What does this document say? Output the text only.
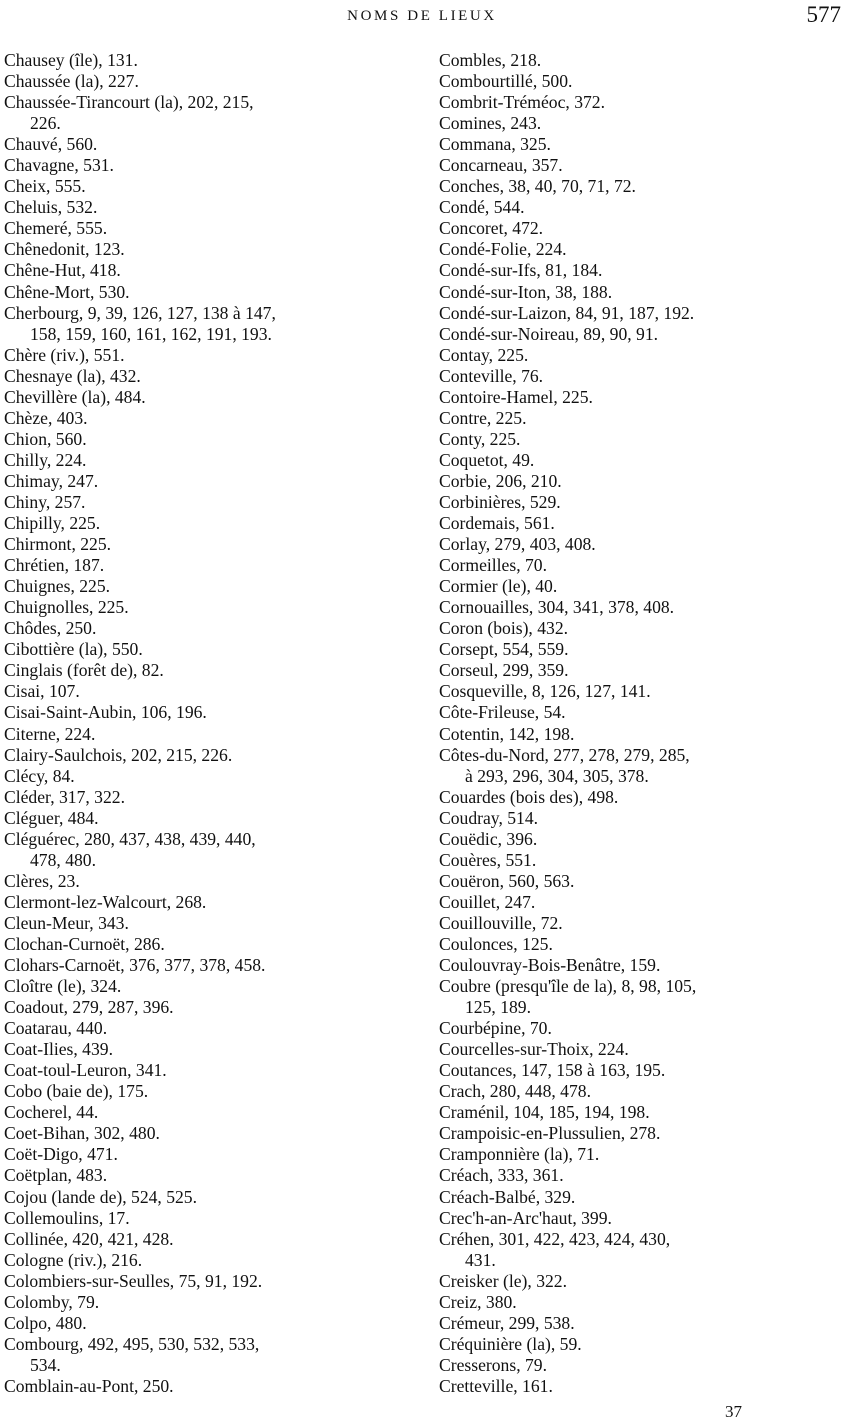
NOMS DE LIEUX	577
Chausey (île), 131.
Chaussée (la), 227.
Chaussée-Tirancourt (la), 202, 215,
226.
Chauvé, 560.
Chavagne, 531.
Cheix, 555.
Cheluis, 532.
Chemeré, 555.
Chênedonit, 123.
Chêne-Hut, 418.
Chêne-Mort, 530.
Cherbourg, 9, 39, 126, 127, 138 à 147,
158, 159, 160, 161, 162, 191, 193.
Chère (riv.), 551.
Chesnaye (la), 432.
Chevillère (la), 484.
Chèze, 403.
Chion, 560.
Chilly, 224.
Chimay, 247.
Chiny, 257.
Chipilly, 225.
Chirmont, 225.
Chrétien, 187.
Chuignes, 225.
Chuignolles, 225.
Chôdes, 250.
Cibottière (la), 550.
Cinglais (forêt de), 82.
Cisai, 107.
Cisai-Saint-Aubin, 106, 196.
Citerne, 224.
Clairy-Saulchois, 202, 215, 226.
Clécy, 84.
Cléder, 317, 322.
Cléguer, 484.
Cléguérec, 280, 437, 438, 439, 440,
478, 480.
Clères, 23.
Clermont-lez-Walcourt, 268.
Cleun-Meur, 343.
Clochan-Curnoët, 286.
Clohars-Carnoët, 376, 377, 378, 458.
Cloître (le), 324.
Coadout, 279, 287, 396.
Coatarau, 440.
Coat-Ilies, 439.
Coat-toul-Leuron, 341.
Cobo (baie de), 175.
Cocherel, 44.
Coet-Bihan, 302, 480.
Coët-Digo, 471.
Coëtplan, 483.
Cojou (lande de), 524, 525.
Collemoulins, 17.
Collinée, 420, 421, 428.
Cologne (riv.), 216.
Colombiers-sur-Seulles, 75, 91, 192.
Colomby, 79.
Colpo, 480.
Combourg, 492, 495, 530, 532, 533,
534.
Comblain-au-Pont, 250.
Combles, 218.
Combourtillé, 500.
Combrit-Tréméoc, 372.
Comines, 243.
Commana, 325.
Concarneau, 357.
Conches, 38, 40, 70, 71, 72.
Condé, 544.
Concoret, 472.
Condé-Folie, 224.
Condé-sur-Ifs, 81, 184.
Condé-sur-Iton, 38, 188.
Condé-sur-Laizon, 84, 91, 187, 192.
Condé-sur-Noireau, 89, 90, 91.
Contay, 225.
Conteville, 76.
Contoire-Hamel, 225.
Contre, 225.
Conty, 225.
Coquetot, 49.
Corbie, 206, 210.
Corbinières, 529.
Cordemais, 561.
Corlay, 279, 403, 408.
Cormeilles, 70.
Cormier (le), 40.
Cornouailles, 304, 341, 378, 408.
Coron (bois), 432.
Corsept, 554, 559.
Corseul, 299, 359.
Cosqueville, 8, 126, 127, 141.
Côte-Frileuse, 54.
Cotentin, 142, 198.
Côtes-du-Nord, 277, 278, 279, 285,
à 293, 296, 304, 305, 378.
Couardes (bois des), 498.
Coudray, 514.
Couëdic, 396.
Couères, 551.
Couëron, 560, 563.
Couillet, 247.
Couillouville, 72.
Coulonces, 125.
Coulouvray-Bois-Benâtre, 159.
Coubre (presqu'île de la), 8, 98, 105,
125, 189.
Courbépine, 70.
Courcelles-sur-Thoix, 224.
Coutances, 147, 158 à 163, 195.
Crach, 280, 448, 478.
Craménil, 104, 185, 194, 198.
Crampoisic-en-Plussulien, 278.
Cramponnière (la), 71.
Créach, 333, 361.
Créach-Balbé, 329.
Crec'h-an-Arc'haut, 399.
Créhen, 301, 422, 423, 424, 430,
431.
Creisker (le), 322.
Creiz, 380.
Crémeur, 299, 538.
Créquinière (la), 59.
Cresserons, 79.
Cretteville, 161.
37
